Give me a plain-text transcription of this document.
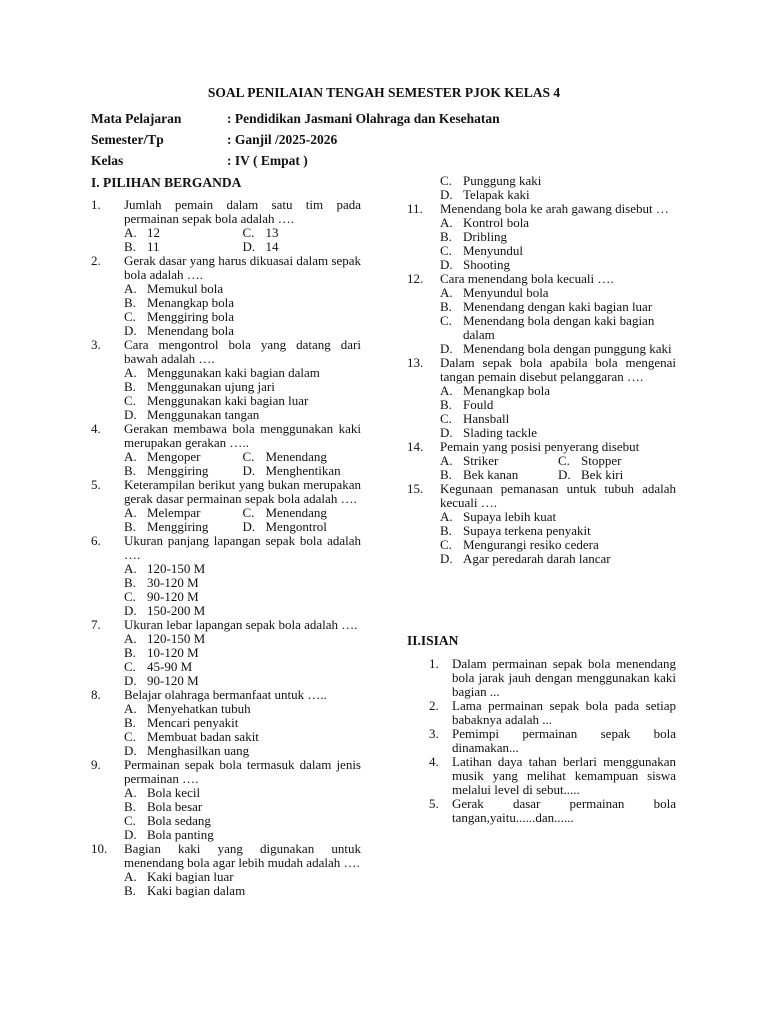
SOAL PENILAIAN TENGAH SEMESTER PJOK KELAS 4
Mata Pelajaran	: Pendidikan Jasmani Olahraga dan Kesehatan
Semester/Tp	: Ganjil /2025-2026
Kelas	: IV ( Empat )
I. PILIHAN BERGANDA
1. Jumlah pemain dalam satu tim pada permainan sepak bola adalah ….
A. 12	C. 13
B. 11	D. 14
2. Gerak dasar yang harus dikuasai dalam sepak bola adalah ….
A. Memukul bola
B. Menangkap bola
C. Menggiring bola
D. Menendang bola
3. Cara mengontrol bola yang datang dari bawah adalah ….
A. Menggunakan kaki bagian dalam
B. Menggunakan ujung jari
C. Menggunakan kaki bagian luar
D. Menggunakan tangan
4. Gerakan membawa bola menggunakan kaki merupakan gerakan …..
A. Mengoper	C. Menendang
B. Menggiring	D. Menghentikan
5. Keterampilan berikut yang bukan merupakan gerak dasar permainan sepak bola adalah ….
A. Melempar	C. Menendang
B. Menggiring	D. Mengontrol
6. Ukuran panjang lapangan sepak bola adalah ….
A. 120-150 M
B. 30-120 M
C. 90-120 M
D. 150-200 M
7. Ukuran lebar lapangan sepak bola adalah ….
A. 120-150 M
B. 10-120 M
C. 45-90 M
D. 90-120 M
8. Belajar olahraga bermanfaat untuk …..
A. Menyehatkan tubuh
B. Mencari penyakit
C. Membuat badan sakit
D. Menghasilkan uang
9. Permainan sepak bola termasuk dalam jenis permainan ….
A. Bola kecil
B. Bola besar
C. Bola sedang
D. Bola panting
10. Bagian kaki yang digunakan untuk menendang bola agar lebih mudah adalah ….
A. Kaki bagian luar
B. Kaki bagian dalam
C. Punggung kaki
D. Telapak kaki
11. Menendang bola ke arah gawang disebut …
A. Kontrol bola
B. Dribling
C. Menyundul
D. Shooting
12. Cara menendang bola kecuali ….
A. Menyundul bola
B. Menendang dengan kaki bagian luar
C. Menendang bola dengan kaki bagian dalam
D. Menendang bola dengan punggung kaki
13. Dalam sepak bola apabila bola mengenai tangan pemain disebut pelanggaran ….
A. Menangkap bola
B. Fould
C. Hansball
D. Slading tackle
14. Pemain yang posisi penyerang disebut
A. Striker	C. Stopper
B. Bek kanan	D. Bek kiri
15. Kegunaan pemanasan untuk tubuh adalah kecuali ….
A. Supaya lebih kuat
B. Supaya terkena penyakit
C. Mengurangi resiko cedera
D. Agar peredarah darah lancar
II.ISIAN
1. Dalam permainan sepak bola menendang bola jarak jauh dengan menggunakan kaki bagian ...
2. Lama permainan sepak bola pada setiap babaknya adalah ...
3. Pemimpi permainan sepak bola dinamakan...
4. Latihan daya tahan berlari menggunakan musik yang melihat kemampuan siswa melalui level di sebut.....
5. Gerak dasar permainan bola tangan,yaitu......dan......
